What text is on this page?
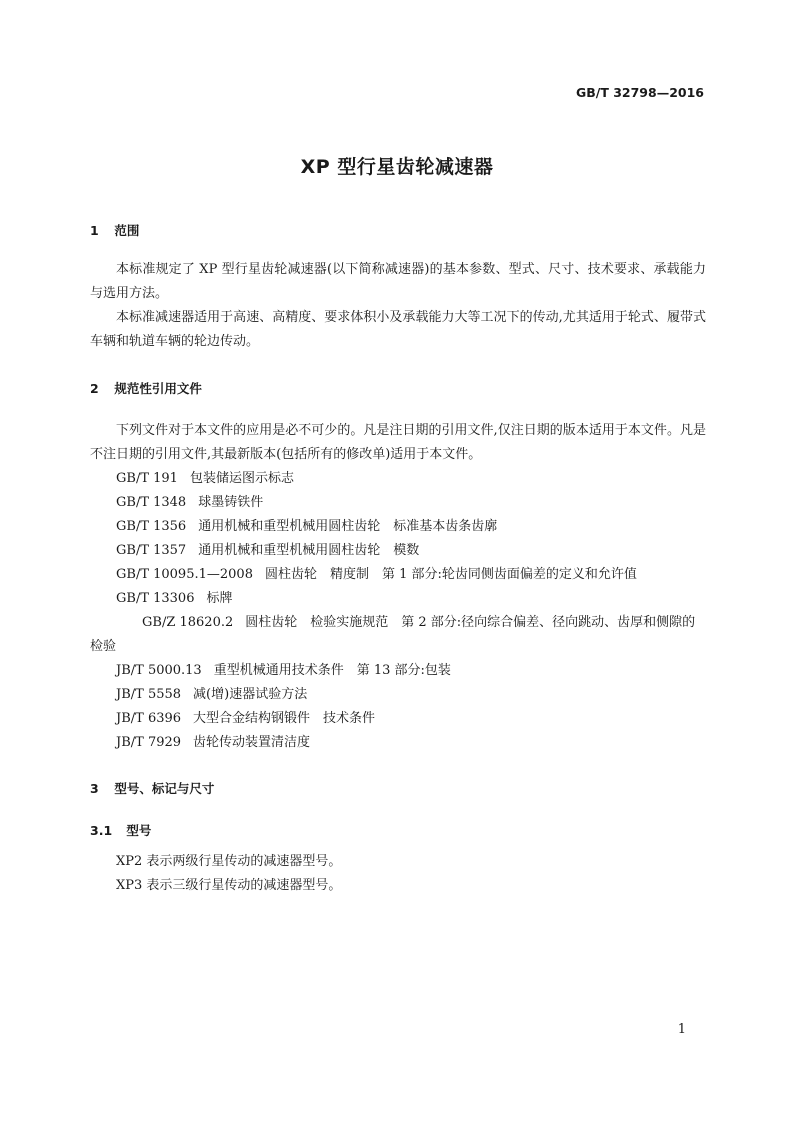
GB/T 32798—2016
XP 型行星齿轮减速器
1 范围

本标准规定了 XP 型行星齿轮减速器(以下简称减速器)的基本参数、型式、尺寸、技术要求、承载能力与选用方法。

本标准减速器适用于高速、高精度、要求体积小及承载能力大等工况下的传动,尤其适用于轮式、履带式车辆和轨道车辆的轮边传动。

2 规范性引用文件

下列文件对于本文件的应用是必不可少的。凡是注日期的引用文件,仅注日期的版本适用于本文件。凡是不注日期的引用文件,其最新版本(包括所有的修改单)适用于本文件。

GB/T 191 包装储运图示标志
GB/T 1348 球墨铸铁件
GB/T 1356 通用机械和重型机械用圆柱齿轮　标准基本齿条齿廓
GB/T 1357 通用机械和重型机械用圆柱齿轮　模数
GB/T 10095.1—2008 圆柱齿轮　精度制　第 1 部分:轮齿同侧齿面偏差的定义和允许值
GB/T 13306 标牌
GB/Z 18620.2 圆柱齿轮　检验实施规范　第 2 部分:径向综合偏差、径向跳动、齿厚和侧隙的检验
JB/T 5000.13 重型机械通用技术条件　第 13 部分:包装
JB/T 5558 减(增)速器试验方法
JB/T 6396 大型合金结构钢锻件　技术条件
JB/T 7929 齿轮传动装置清洁度
3 型号、标记与尺寸
3.1 型号

XP2 表示两级行星传动的减速器型号。

XP3 表示三级行星传动的减速器型号。

1
